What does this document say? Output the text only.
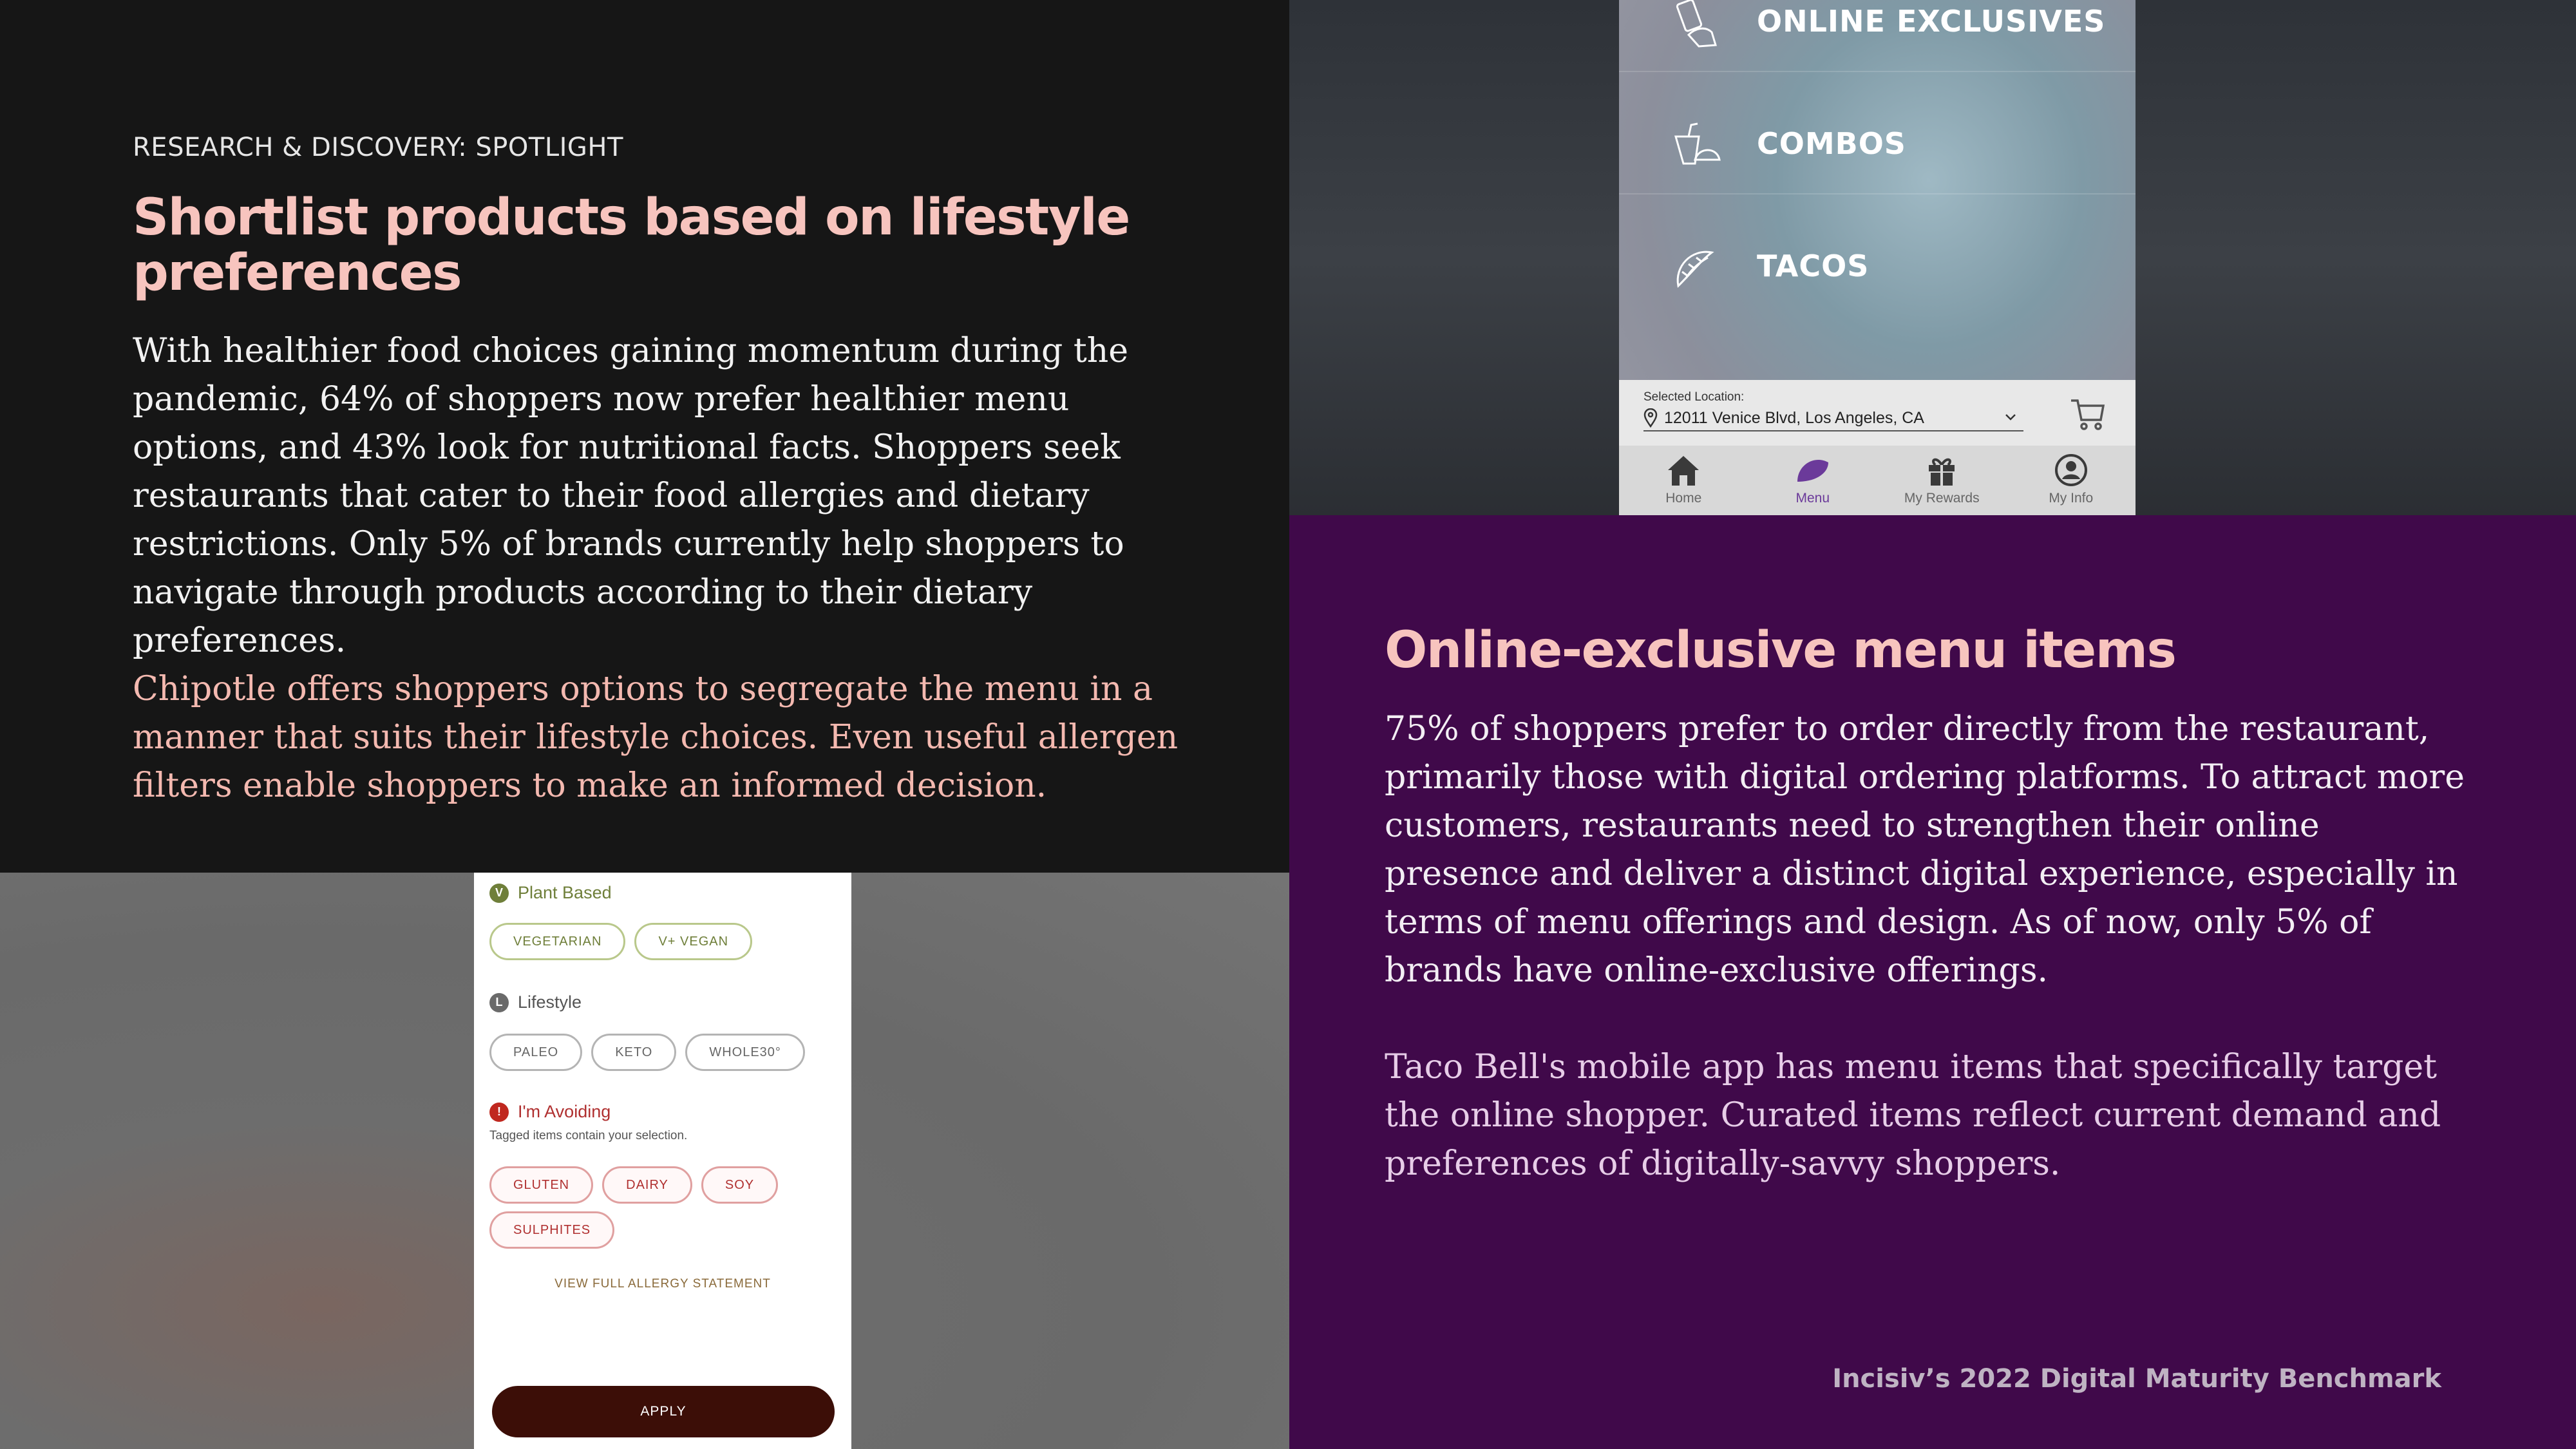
RESEARCH & DISCOVERY: SPOTLIGHT
Shortlist products based on lifestyle preferences

With healthier food choices gaining momentum during the pandemic, 64% of shoppers now prefer healthier menu options, and 43% look for nutritional facts. Shoppers seek restaurants that cater to their food allergies and dietary restrictions. Only 5% of brands currently help shoppers to navigate through products according to their dietary preferences.

Chipotle offers shoppers options to segregate the menu in a manner that suits their lifestyle choices. Even useful allergen filters enable shoppers to make an informed decision.

V Plant Based
VEGETARIAN	V+ VEGAN
L Lifestyle
PALEO	KETO	WHOLE30°
! I'm Avoiding
Tagged items contain your selection.
GLUTEN	DAIRY	SOY
SULPHITES
VIEW FULL ALLERGY STATEMENT
APPLY
ONLINE EXCLUSIVES
COMBOS
TACOS
Selected Location:
12011 Venice Blvd, Los Angeles, CA
Home	Menu	My Rewards	My Info
Online-exclusive menu items

75% of shoppers prefer to order directly from the restaurant, primarily those with digital ordering platforms. To attract more customers, restaurants need to strengthen their online presence and deliver a distinct digital experience, especially in terms of menu offerings and design. As of now, only 5% of brands have online-exclusive offerings.

Taco Bell's mobile app has menu items that specifically target the online shopper. Curated items reflect current demand and preferences of digitally-savvy shoppers.

Incisiv’s 2022 Digital Maturity Benchmark
